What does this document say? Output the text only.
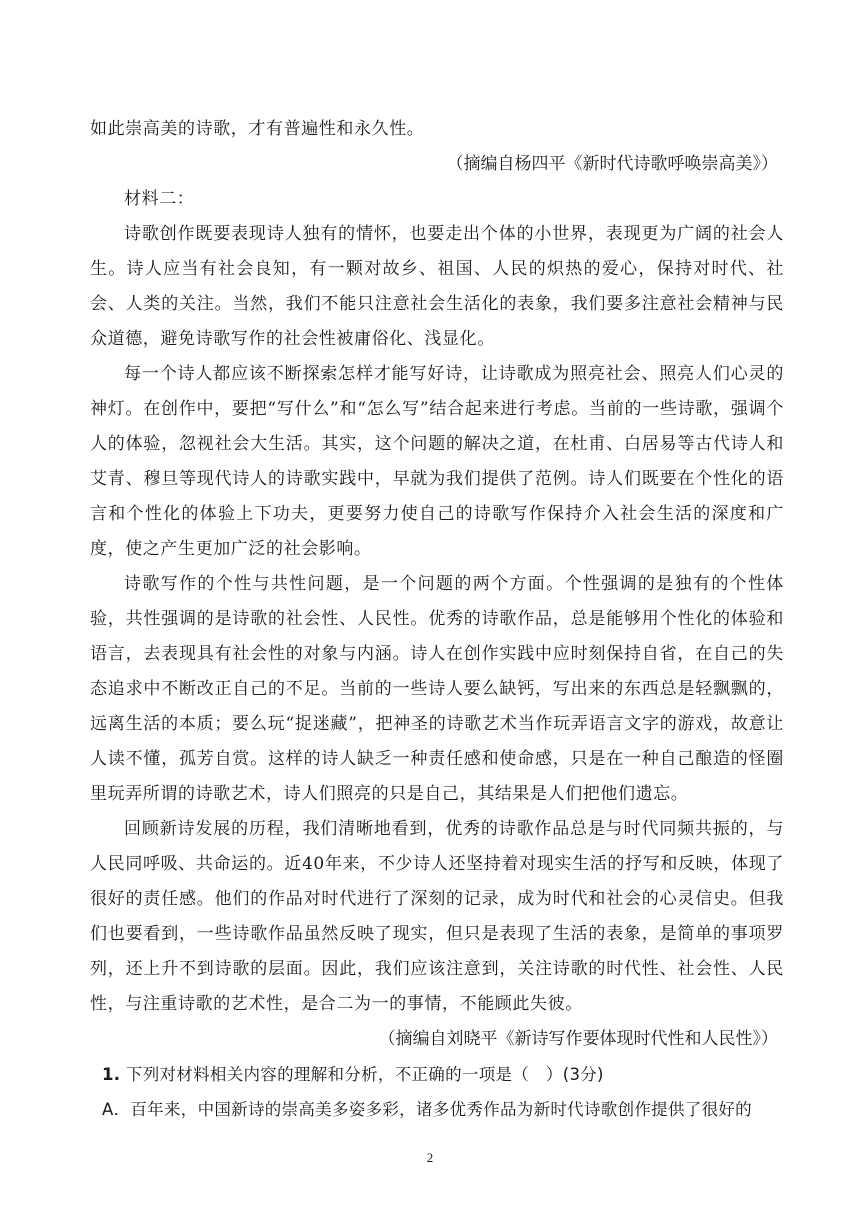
如此崇高美的诗歌，才有普遍性和永久性。

（摘编自杨四平《新时代诗歌呼唤崇高美》）

材料二：

诗歌创作既要表现诗人独有的情怀，也要走出个体的小世界，表现更为广阔的社会人生。诗人应当有社会良知，有一颗对故乡、祖国、人民的炽热的爱心，保持对时代、社会、人类的关注。当然，我们不能只注意社会生活化的表象，我们要多注意社会精神与民众道德，避免诗歌写作的社会性被庸俗化、浅显化。

每一个诗人都应该不断探索怎样才能写好诗，让诗歌成为照亮社会、照亮人们心灵的神灯。在创作中，要把“写什么”和“怎么写”结合起来进行考虑。当前的一些诗歌，强调个人的体验，忽视社会大生活。其实，这个问题的解决之道，在杜甫、白居易等古代诗人和艾青、穆旦等现代诗人的诗歌实践中，早就为我们提供了范例。诗人们既要在个性化的语言和个性化的体验上下功夫，更要努力使自己的诗歌写作保持介入社会生活的深度和广度，使之产生更加广泛的社会影响。

诗歌写作的个性与共性问题，是一个问题的两个方面。个性强调的是独有的个性体验，共性强调的是诗歌的社会性、人民性。优秀的诗歌作品，总是能够用个性化的体验和语言，去表现具有社会性的对象与内涵。诗人在创作实践中应时刻保持自省，在自己的失态追求中不断改正自己的不足。当前的一些诗人要么缺钙，写出来的东西总是轻飘飘的，远离生活的本质；要么玩“捉迷藏”，把神圣的诗歌艺术当作玩弄语言文字的游戏，故意让人读不懂，孤芳自赏。这样的诗人缺乏一种责任感和使命感，只是在一种自己酿造的怪圈里玩弄所谓的诗歌艺术，诗人们照亮的只是自己，其结果是人们把他们遗忘。

回顾新诗发展的历程，我们清晰地看到，优秀的诗歌作品总是与时代同频共振的，与人民同呼吸、共命运的。近40年来，不少诗人还坚持着对现实生活的抒写和反映，体现了很好的责任感。他们的作品对时代进行了深刻的记录，成为时代和社会的心灵信史。但我们也要看到，一些诗歌作品虽然反映了现实，但只是表现了生活的表象，是简单的事项罗列，还上升不到诗歌的层面。因此，我们应该注意到，关注诗歌的时代性、社会性、人民性，与注重诗歌的艺术性，是合二为一的事情，不能顾此失彼。

（摘编自刘晓平《新诗写作要体现时代性和人民性》）

1. 下列对材料相关内容的理解和分析，不正确的一项是（　）(3分)

A．百年来，中国新诗的崇高美多姿多彩，诸多优秀作品为新时代诗歌创作提供了很好的

2
